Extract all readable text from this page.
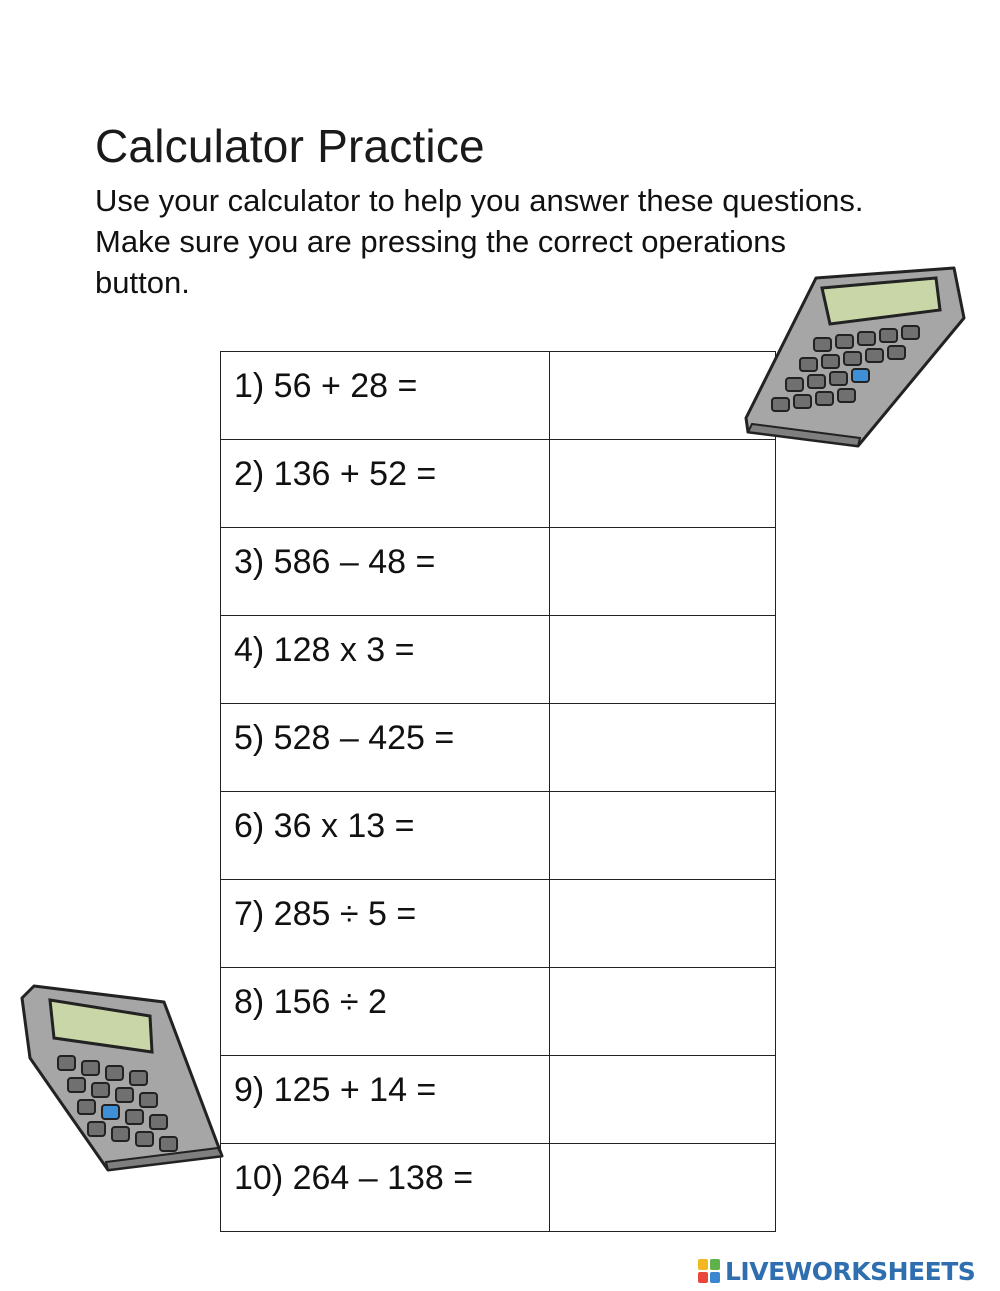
Calculator Practice
Use your calculator to help you answer these questions. Make sure you are pressing the correct operations button.
1) 56 + 28 =

2) 136 + 52 =

3) 586 – 48 =

4) 128 x 3 =

5) 528 – 425 =

6) 36 x 13 =

7) 285 ÷ 5 =

8) 156 ÷ 2

9) 125 + 14 =

10) 264 – 138 =

LIVEWORKSHEETS
